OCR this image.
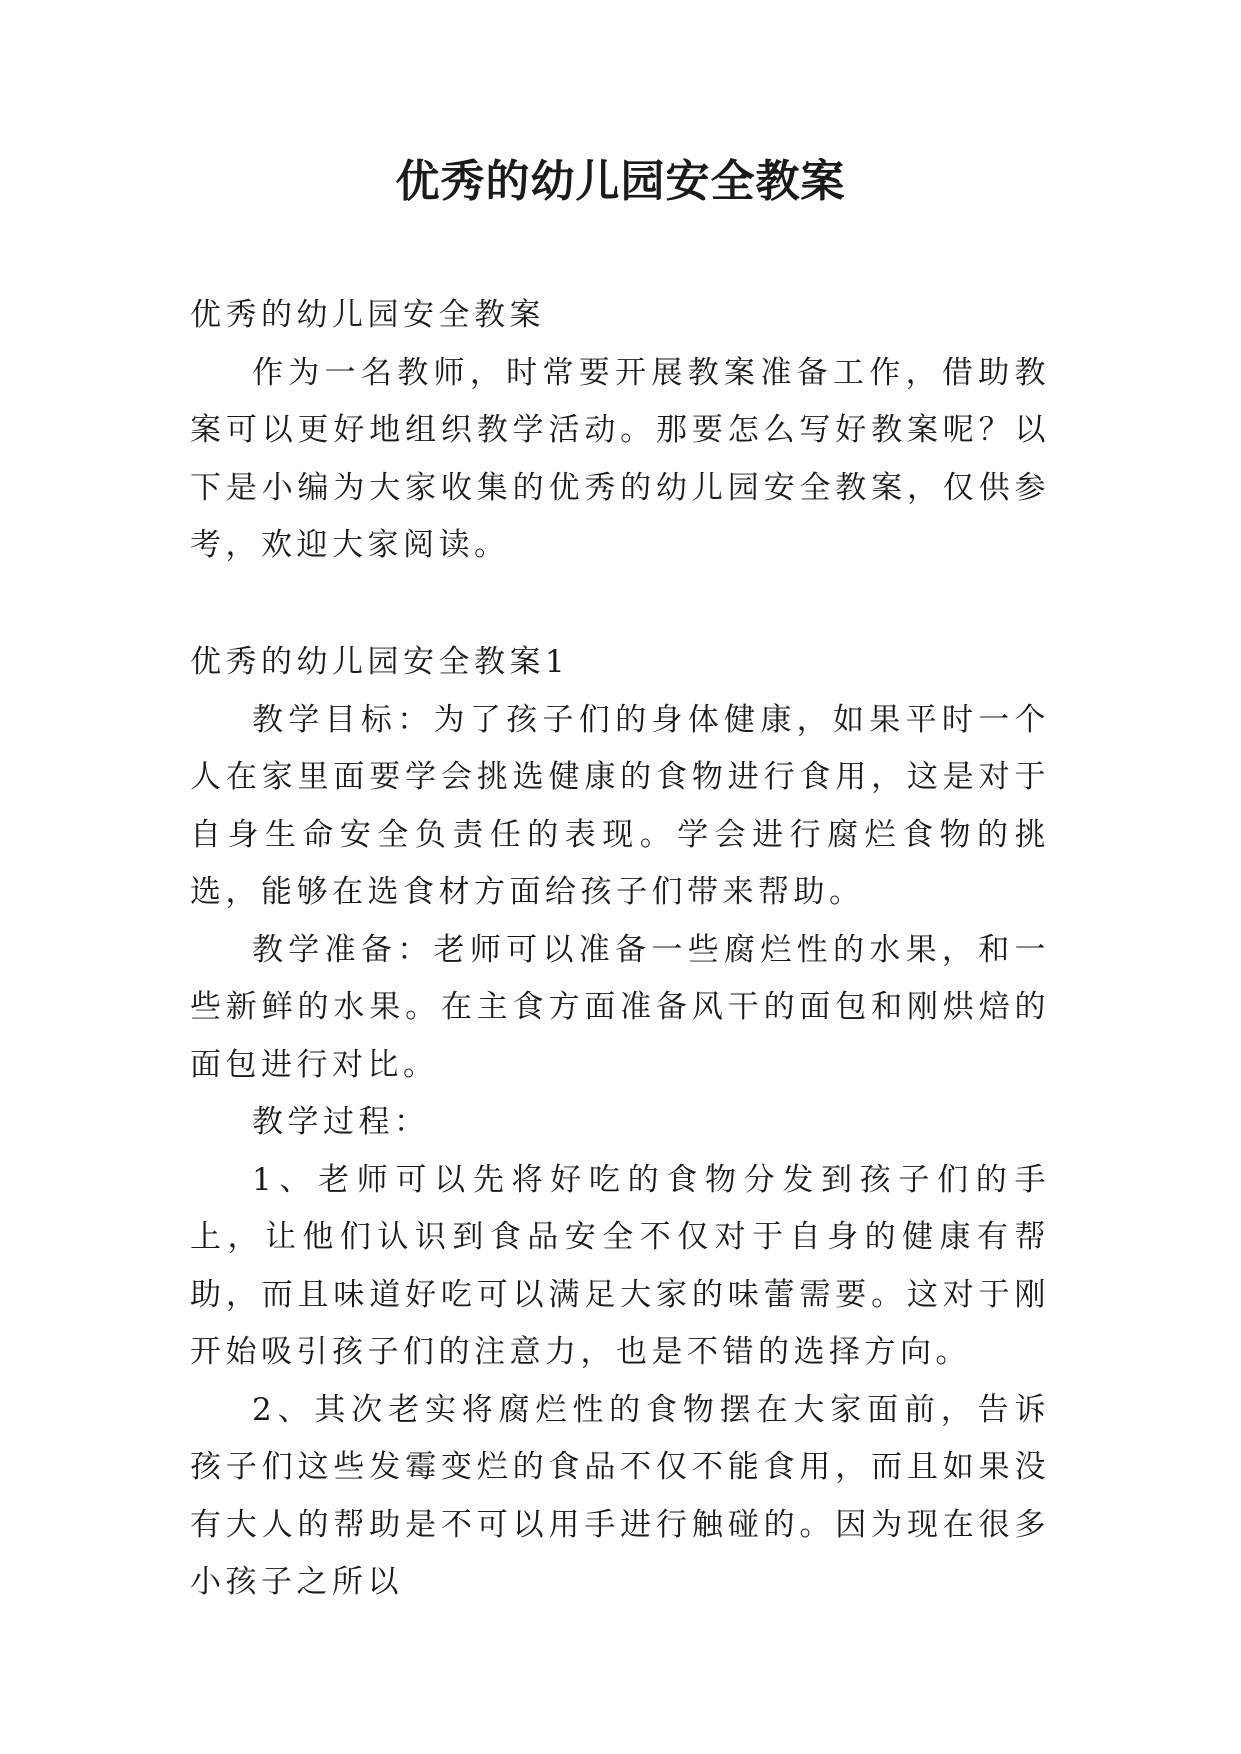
优秀的幼儿园安全教案

优秀的幼儿园安全教案

作为一名教师，时常要开展教案准备工作，借助教案可以更好地组织教学活动。那要怎么写好教案呢？以下是小编为大家收集的优秀的幼儿园安全教案，仅供参考，欢迎大家阅读。

优秀的幼儿园安全教案1

教学目标：为了孩子们的身体健康，如果平时一个人在家里面要学会挑选健康的食物进行食用，这是对于自身生命安全负责任的表现。学会进行腐烂食物的挑选，能够在选食材方面给孩子们带来帮助。

教学准备：老师可以准备一些腐烂性的水果，和一些新鲜的水果。在主食方面准备风干的面包和刚烘焙的面包进行对比。

教学过程：

1、老师可以先将好吃的食物分发到孩子们的手上，让他们认识到食品安全不仅对于自身的健康有帮助，而且味道好吃可以满足大家的味蕾需要。这对于刚开始吸引孩子们的注意力，也是不错的选择方向。

2、其次老实将腐烂性的食物摆在大家面前，告诉孩子们这些发霉变烂的食品不仅不能食用，而且如果没有大人的帮助是不可以用手进行触碰的。因为现在很多小孩子之所以
